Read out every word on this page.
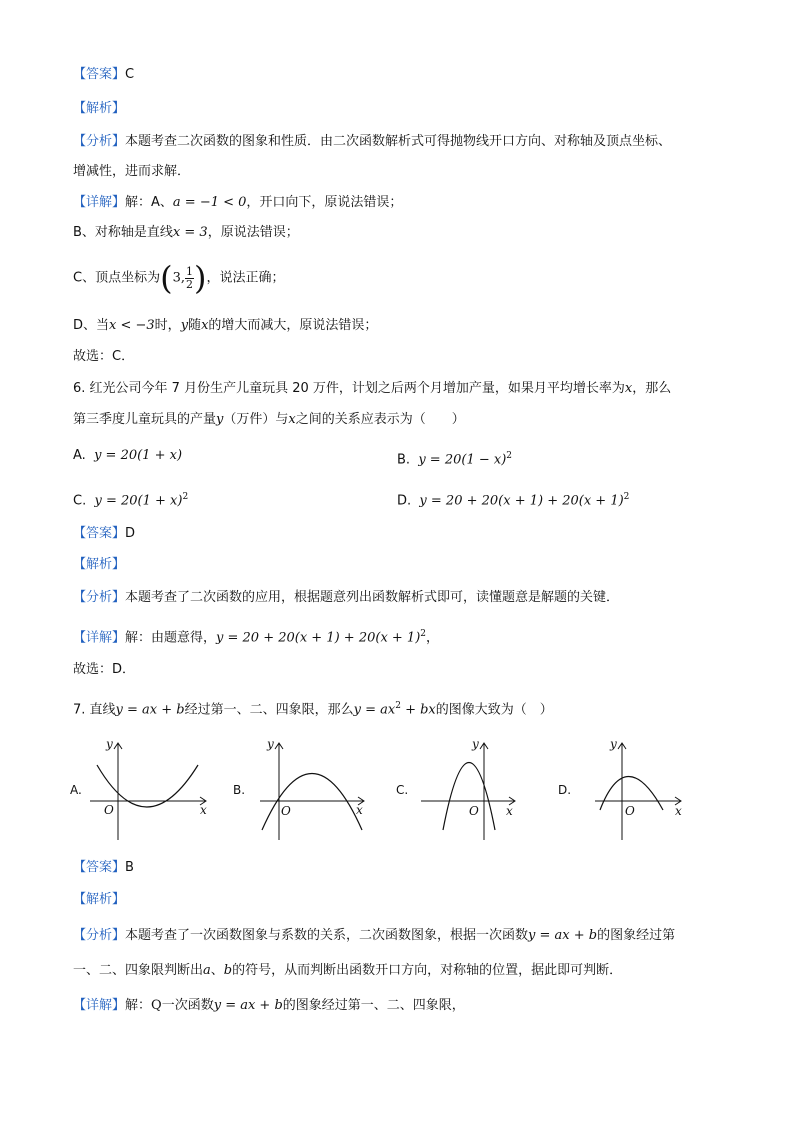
【答案】C
【解析】
【分析】本题考查二次函数的图象和性质．由二次函数解析式可得抛物线开口方向、对称轴及顶点坐标、
增减性，进而求解．
【详解】解：A、a = −1 < 0，开口向下，原说法错误；
B、对称轴是直线x = 3，原说法错误；
C、顶点坐标为(3, $\frac{1}{2}$ )，说法正确；
D、当x < −3时，y随x的增大而减大，原说法错误；
故选：C．
6. 红光公司今年 7 月份生产儿童玩具 20 万件，计划之后两个月增加产量，如果月平均增长率为x，那么
第三季度儿童玩具的产量y（万件）与x之间的关系应表示为（　　）
A. y = 20(1 + x)	B. $y = 20(1 - x)^2$
C. $y = 20(1 + x)^2$	D. $y = 20 + 20(x + 1) + 20(x + 1)^2$
【答案】D
【解析】
【分析】本题考查了二次函数的应用，根据题意列出函数解析式即可，读懂题意是解题的关键．
【详解】解：由题意得，$y = 20 + 20(x + 1) + 20(x + 1)^2$，
故选：D．
7. 直线y = ax + b经过第一、二、四象限，那么$y = ax^2$ + bx的图像大致为（　）
A.
y
x
O
B.
y
x
O
C.
y
x
O
D.
y
x
O
【答案】B
【解析】
【分析】本题考查了一次函数图象与系数的关系，二次函数图象，根据一次函数y = ax + b的图象经过第
一、二、四象限判断出a、b的符号，从而判断出函数开口方向，对称轴的位置，据此即可判断．
【详解】解：Q一次函数y = ax + b的图象经过第一、二、四象限，
